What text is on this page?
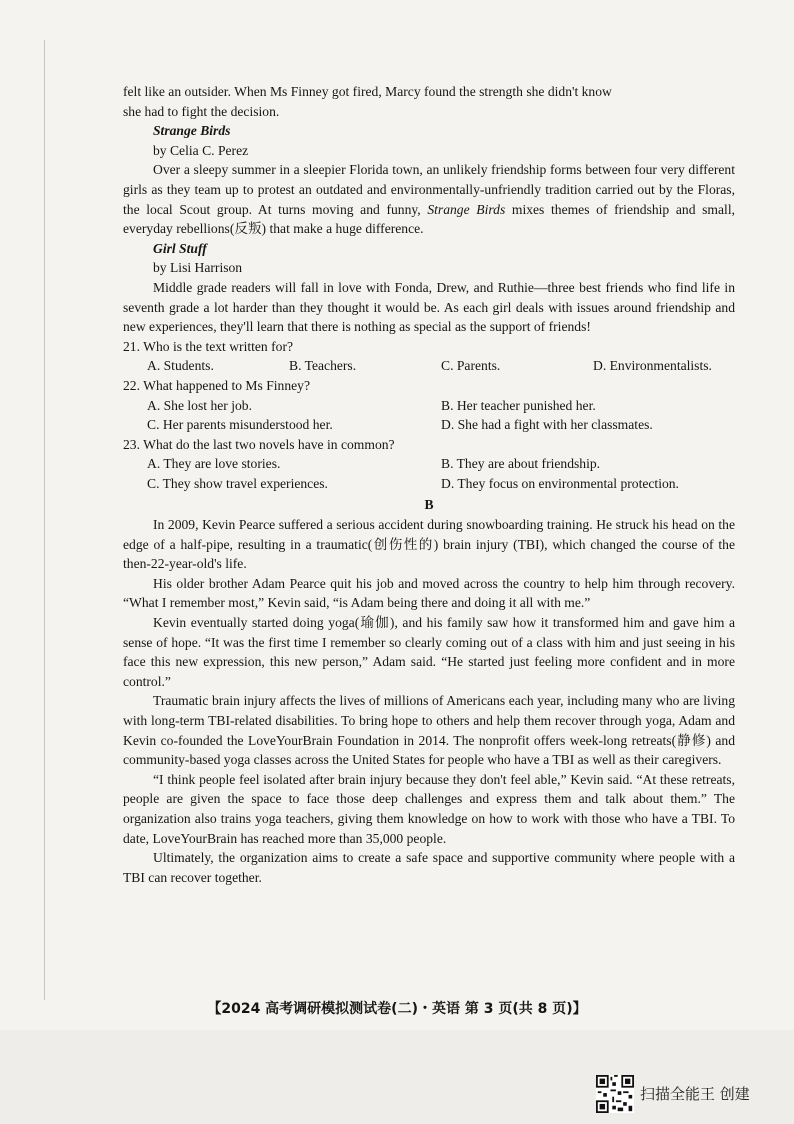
felt like an outsider. When Ms Finney got fired, Marcy found the strength she didn't know
she had to fight the decision.

Strange Birds

by Celia C. Perez

Over a sleepy summer in a sleepier Florida town, an unlikely friendship forms between four very different girls as they team up to protest an outdated and environmentally-unfriendly tradition carried out by the Floras, the local Scout group. At turns moving and funny, Strange Birds mixes themes of friendship and small, everyday rebellions(反叛) that make a huge difference.

Girl Stuff

by Lisi Harrison

Middle grade readers will fall in love with Fonda, Drew, and Ruthie—three best friends who find life in seventh grade a lot harder than they thought it would be. As each girl deals with issues around friendship and new experiences, they'll learn that there is nothing as special as the support of friends!

21. Who is the text written for?

A. Students.	B. Teachers.	C. Parents.	D. Environmentalists.

22. What happened to Ms Finney?

A. She lost her job.	B. Her teacher punished her.
C. Her parents misunderstood her.	D. She had a fight with her classmates.

23. What do the last two novels have in common?

A. They are love stories.	B. They are about friendship.
C. They show travel experiences.	D. They focus on environmental protection.

B

In 2009, Kevin Pearce suffered a serious accident during snowboarding training. He struck his head on the edge of a half-pipe, resulting in a traumatic(创伤性的) brain injury (TBI), which changed the course of the then-22-year-old's life.

His older brother Adam Pearce quit his job and moved across the country to help him through recovery. “What I remember most,” Kevin said, “is Adam being there and doing it all with me.”

Kevin eventually started doing yoga(瑜伽), and his family saw how it transformed him and gave him a sense of hope. “It was the first time I remember so clearly coming out of a class with him and just seeing in his face this new expression, this new person,” Adam said. “He started just feeling more confident and in more control.”

Traumatic brain injury affects the lives of millions of Americans each year, including many who are living with long-term TBI-related disabilities. To bring hope to others and help them recover through yoga, Adam and Kevin co-founded the LoveYourBrain Foundation in 2014. The nonprofit offers week-long retreats(静修) and community-based yoga classes across the United States for people who have a TBI as well as their caregivers.

“I think people feel isolated after brain injury because they don't feel able,” Kevin said. “At these retreats, people are given the space to face those deep challenges and express them and talk about them.” The organization also trains yoga teachers, giving them knowledge on how to work with those who have a TBI. To date, LoveYourBrain has reached more than 35,000 people.

Ultimately, the organization aims to create a safe space and supportive community where people with a TBI can recover together.

【2024 高考调研模拟测试卷(二)・英语 第 3 页(共 8 页)】
扫描全能王 创建
